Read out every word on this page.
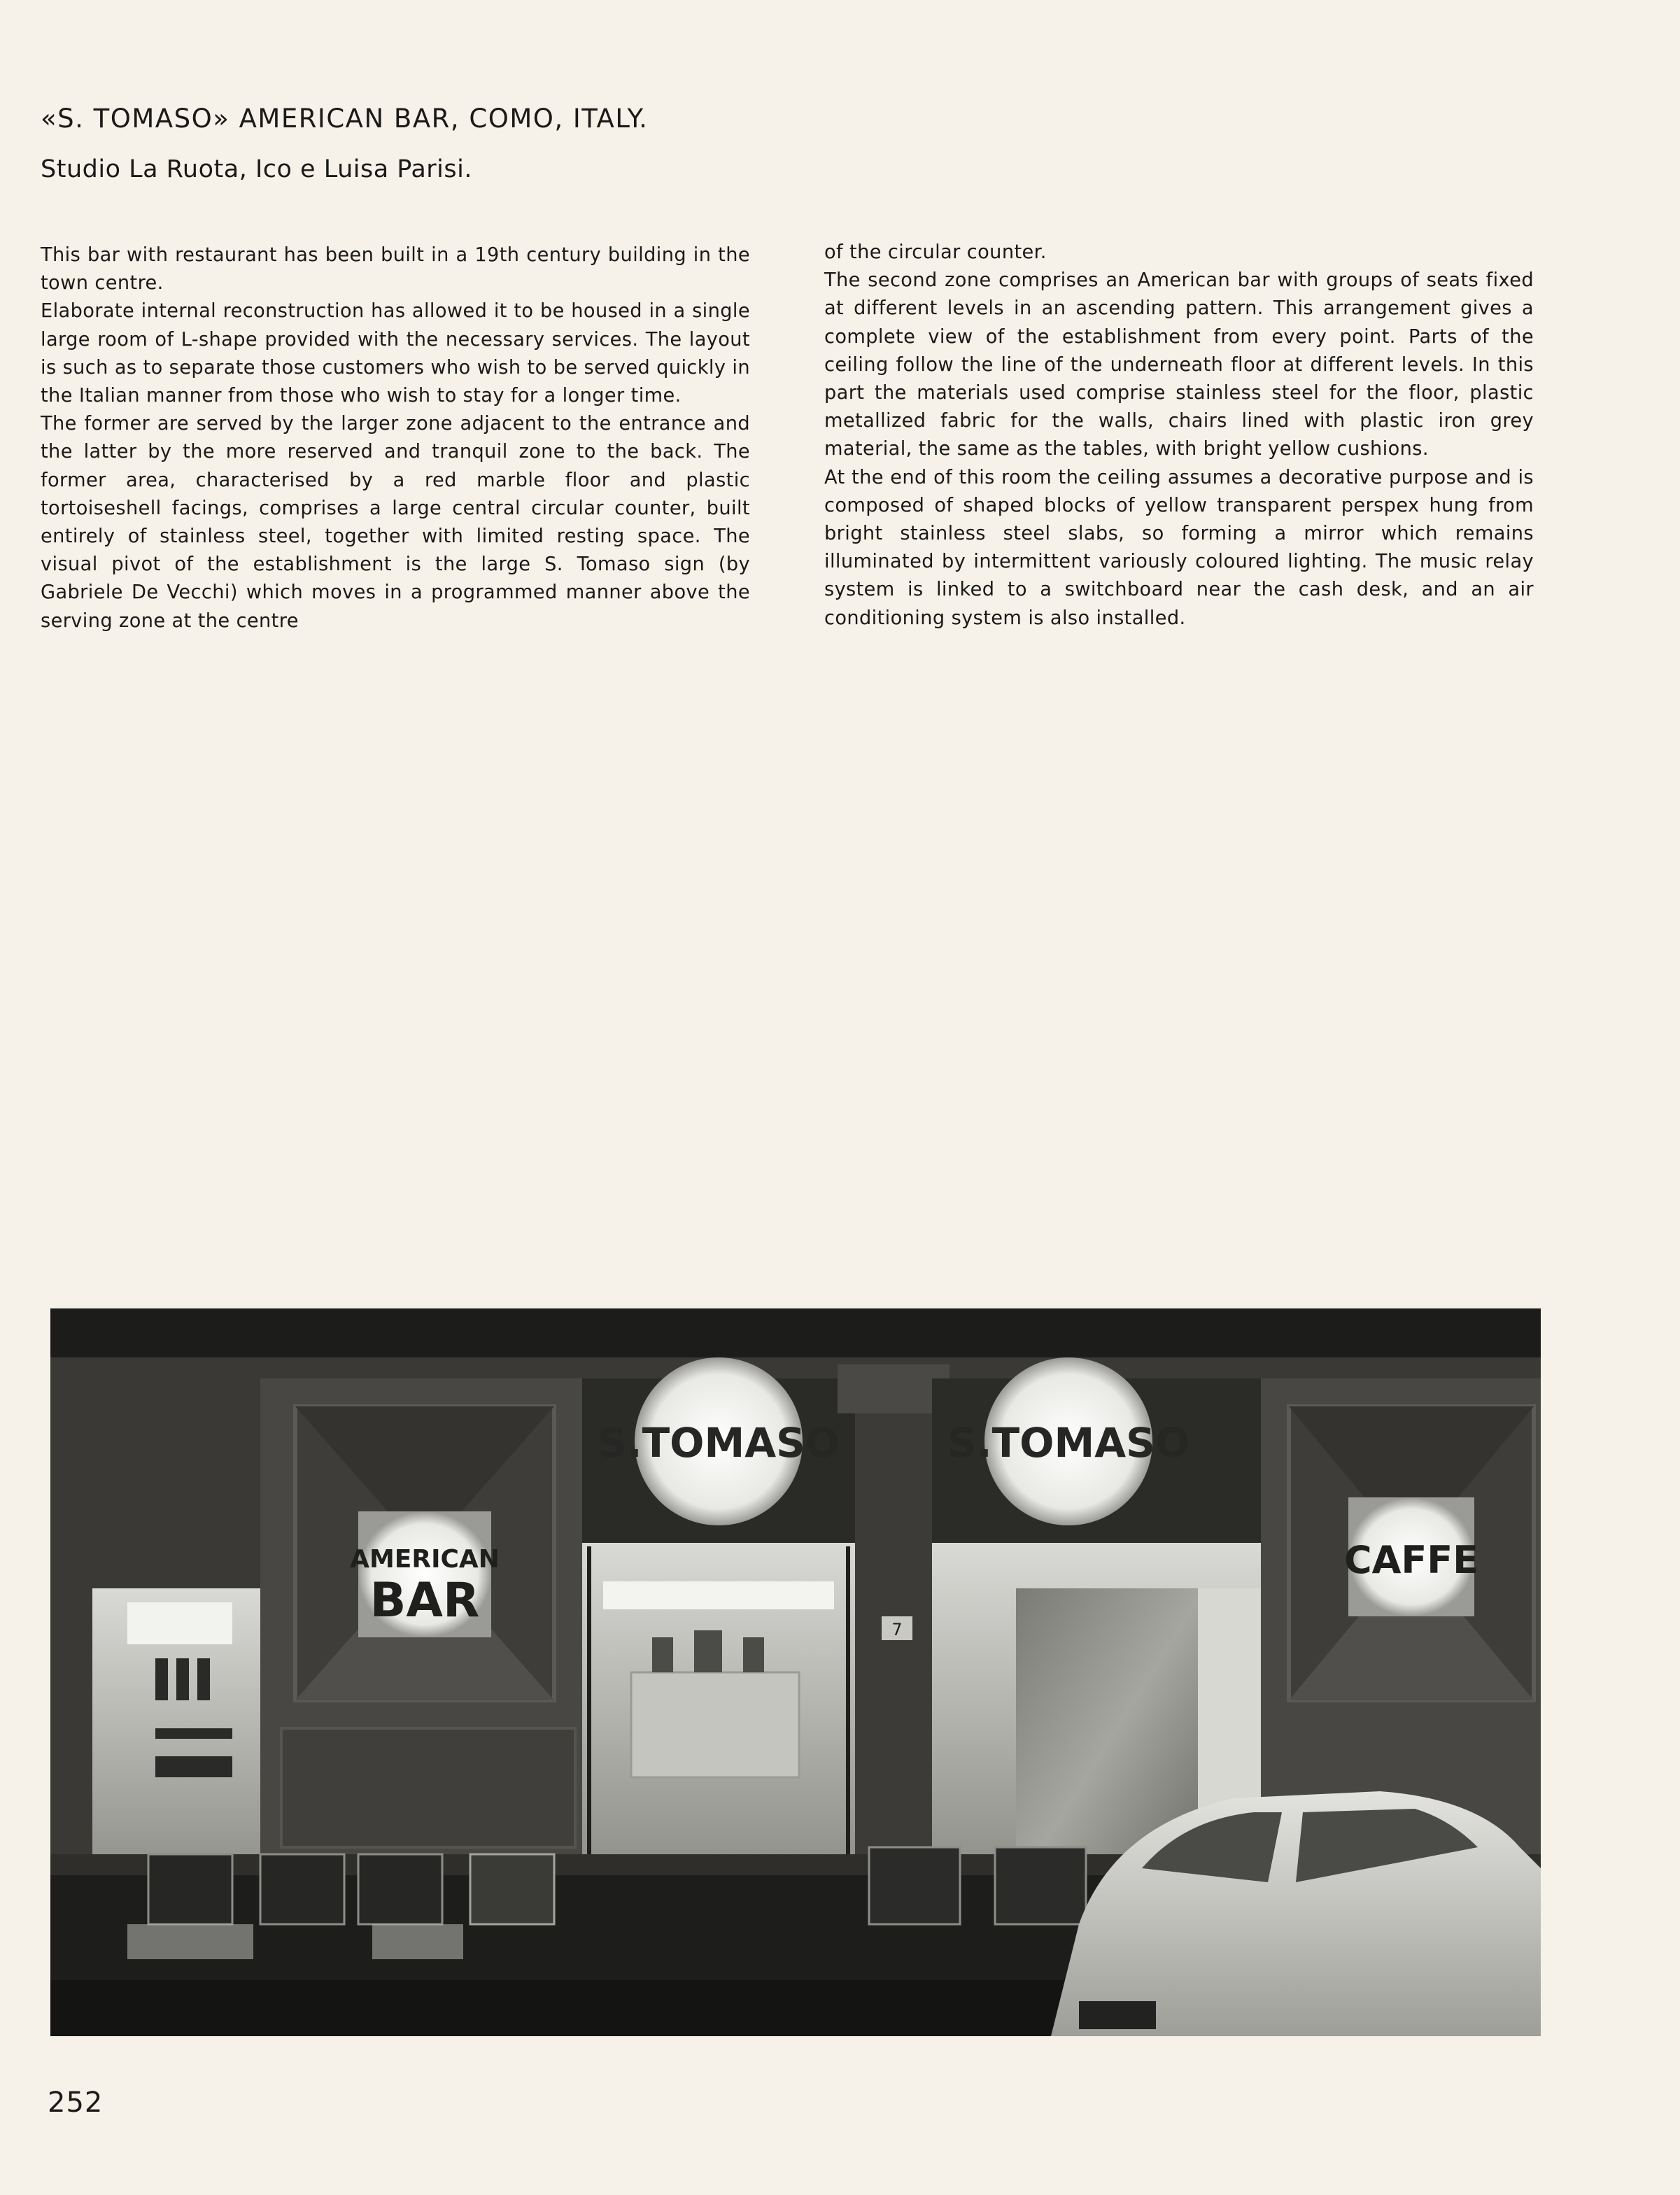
«S. TOMASO» AMERICAN BAR, COMO, ITALY.
Studio La Ruota, Ico e Luisa Parisi.

This bar with restaurant has been built in a 19th century building in the town centre.

Elaborate internal reconstruction has allowed it to be housed in a single large room of L-shape provided with the necessary services. The layout is such as to separate those customers who wish to be served quickly in the Italian manner from those who wish to stay for a longer time.

The former are served by the larger zone adjacent to the entrance and the latter by the more reserved and tranquil zone to the back. The former area, characterised by a red marble floor and plastic tortoiseshell facings, comprises a large central circular counter, built entirely of stainless steel, together with limited resting space. The visual pivot of the establishment is the large S. Tomaso sign (by Gabriele De Vecchi) which moves in a programmed manner above the serving zone at the centre

of the circular counter.

The second zone comprises an American bar with groups of seats fixed at different levels in an ascending pattern. This arrangement gives a complete view of the establishment from every point. Parts of the ceiling follow the line of the underneath floor at different levels. In this part the materials used comprise stainless steel for the floor, plastic metallized fabric for the walls, chairs lined with plastic iron grey material, the same as the tables, with bright yellow cushions.

At the end of this room the ceiling assumes a decorative purpose and is composed of shaped blocks of yellow transparent perspex hung from bright stainless steel slabs, so forming a mirror which remains illuminated by intermittent variously coloured lighting. The music relay system is linked to a switchboard near the cash desk, and an air conditioning system is also installed.

AMERICAN
BAR
S.TOMASO
7
S.TOMASO
CAFFE

252
